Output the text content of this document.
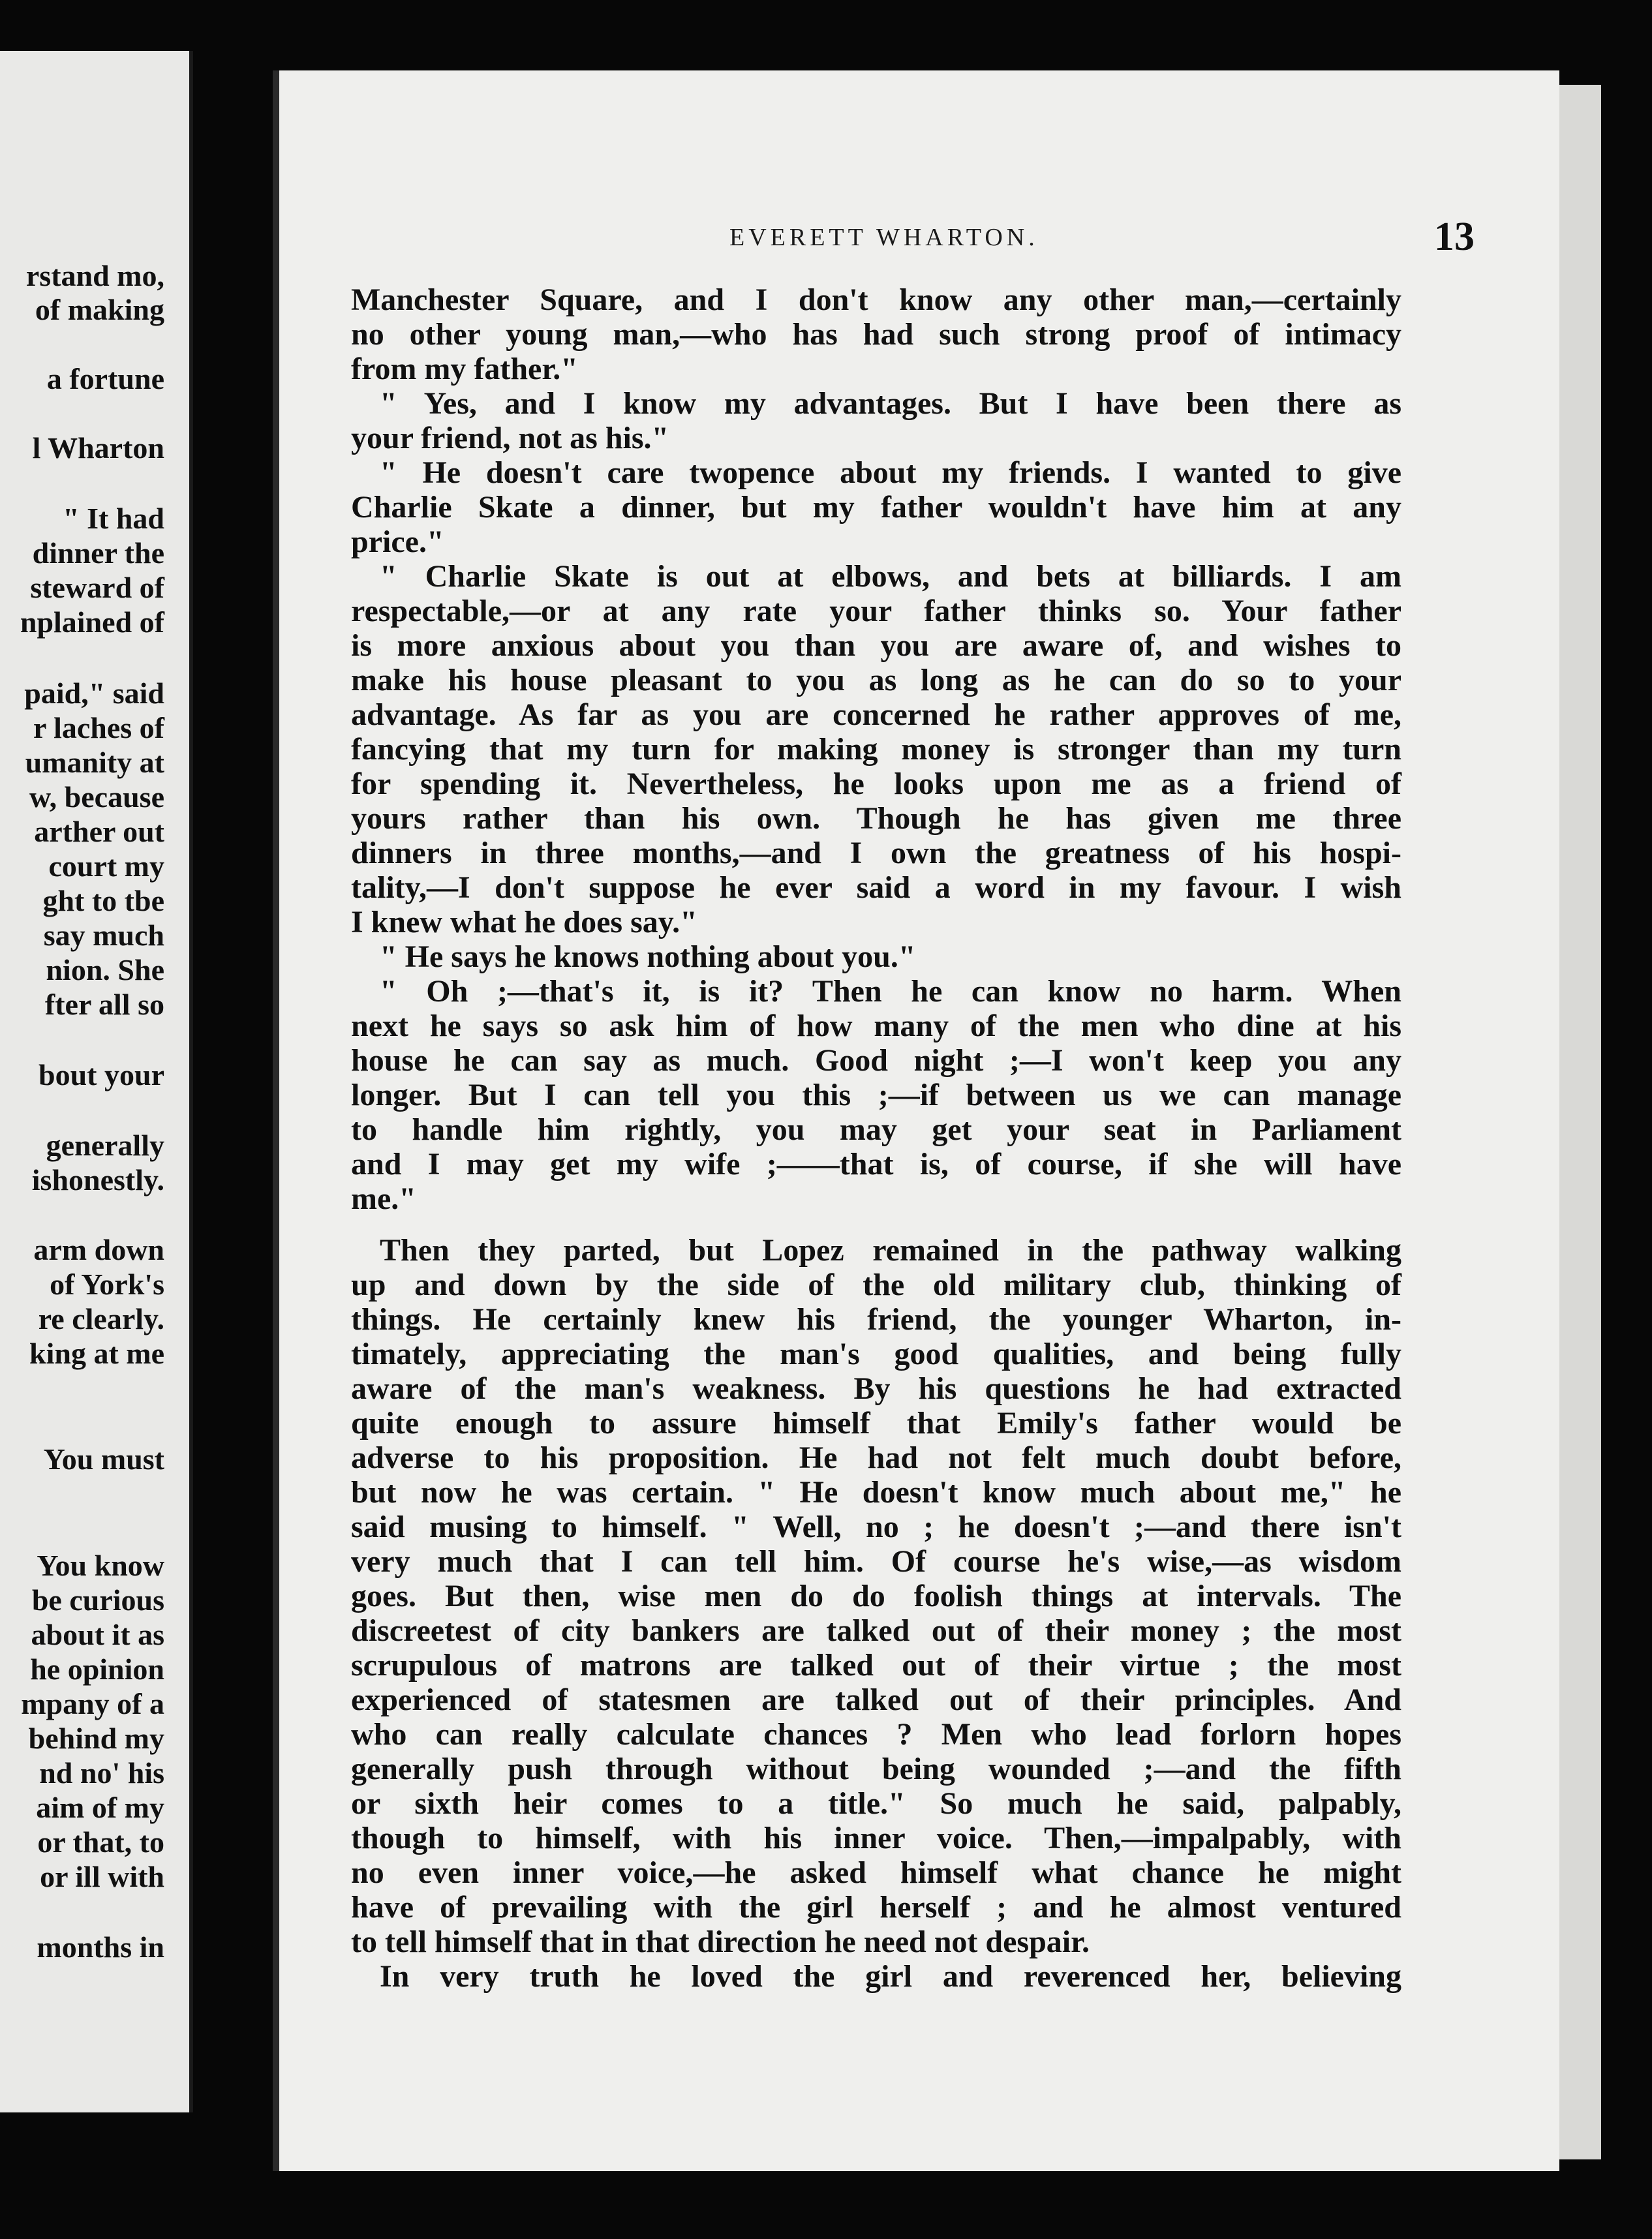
rstand mo,
of making
a fortune
l Wharton
" It had
dinner the
steward of
nplained of
paid," said
r laches of
umanity at
w, because
arther out
court my
ght to tbe
say much
nion. She
fter all so
bout your
generally
ishonestly.
arm down
of York's
re clearly.
king at me
You must
You know
be curious
about it as
he opinion
mpany of a
behind my
nd no' his
aim of my
or that, to
or ill with
months in
EVERETT WHARTON.	13
Manchester Square, and I don't know any other man,—certainly
no other young man,—who has had such strong proof of intimacy
from my father."
" Yes, and I know my advantages. But I have been there as
your friend, not as his."
" He doesn't care twopence about my friends. I wanted to give
Charlie Skate a dinner, but my father wouldn't have him at any
price."
" Charlie Skate is out at elbows, and bets at billiards. I am
respectable,—or at any rate your father thinks so. Your father
is more anxious about you than you are aware of, and wishes to
make his house pleasant to you as long as he can do so to your
advantage. As far as you are concerned he rather approves of me,
fancying that my turn for making money is stronger than my turn
for spending it. Nevertheless, he looks upon me as a friend of
yours rather than his own. Though he has given me three
dinners in three months,—and I own the greatness of his hospi-
tality,—I don't suppose he ever said a word in my favour. I wish
I knew what he does say."
" He says he knows nothing about you."
" Oh ;—that's it, is it? Then he can know no harm. When
next he says so ask him of how many of the men who dine at his
house he can say as much. Good night ;—I won't keep you any
longer. But I can tell you this ;—if between us we can manage
to handle him rightly, you may get your seat in Parliament
and I may get my wife ;——that is, of course, if she will have
me."
Then they parted, but Lopez remained in the pathway walking
up and down by the side of the old military club, thinking of
things. He certainly knew his friend, the younger Wharton, in-
timately, appreciating the man's good qualities, and being fully
aware of the man's weakness. By his questions he had extracted
quite enough to assure himself that Emily's father would be
adverse to his proposition. He had not felt much doubt before,
but now he was certain. " He doesn't know much about me," he
said musing to himself. " Well, no ; he doesn't ;—and there isn't
very much that I can tell him. Of course he's wise,—as wisdom
goes. But then, wise men do do foolish things at intervals. The
discreetest of city bankers are talked out of their money ; the most
scrupulous of matrons are talked out of their virtue ; the most
experienced of statesmen are talked out of their principles. And
who can really calculate chances ? Men who lead forlorn hopes
generally push through without being wounded ;—and the fifth
or sixth heir comes to a title." So much he said, palpably,
though to himself, with his inner voice. Then,—impalpably, with
no even inner voice,—he asked himself what chance he might
have of prevailing with the girl herself ; and he almost ventured
to tell himself that in that direction he need not despair.
In very truth he loved the girl and reverenced her, believing
